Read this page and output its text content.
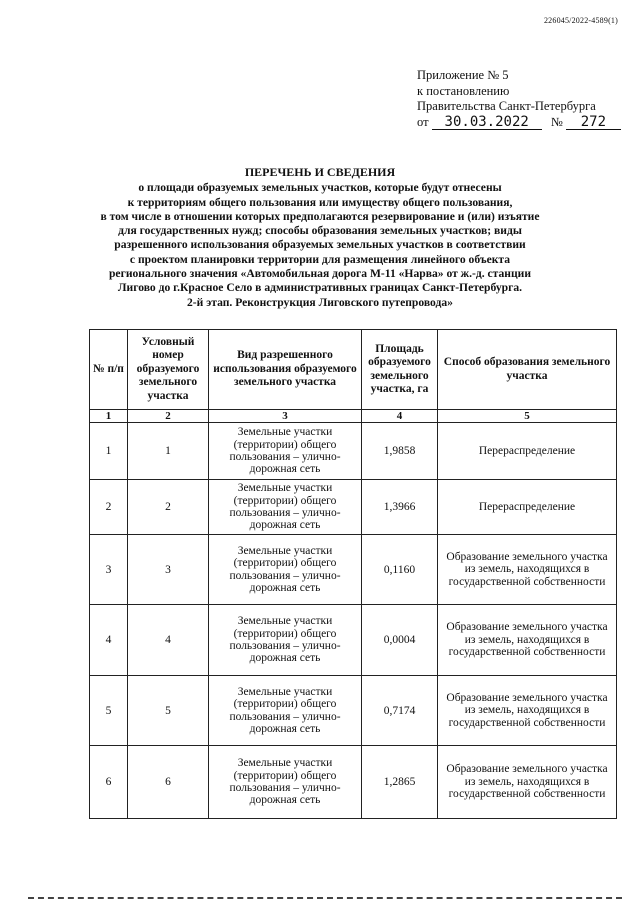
226045/2022-4589(1)
Приложение № 5
к постановлению
Правительства Санкт-Петербурга
от 30.03.2022 № 272
ПЕРЕЧЕНЬ И СВЕДЕНИЯ
о площади образуемых земельных участков, которые будут отнесены
к территориям общего пользования или имуществу общего пользования,
в том числе в отношении которых предполагаются резервирование и (или) изъятие
для государственных нужд; способы образования земельных участков; виды
разрешенного использования образуемых земельных участков в соответствии
с проектом планировки территории для размещения линейного объекта
регионального значения «Автомобильная дорога М-11 «Нарва» от ж.-д. станции
Лигово до г.Красное Село в административных границах Санкт-Петербурга.
2-й этап. Реконструкция Лиговского путепровода»
№ п/п	Условный номер образуемого земельного участка	Вид разрешенного использования образуемого земельного участка	Площадь образуемого земельного участка, га	Способ образования земельного участка
1	2	3	4	5
1	1	Земельные участки (территории) общего пользования – улично-дорожная сеть	1,9858	Перераспределение
2	2	Земельные участки (территории) общего пользования – улично-дорожная сеть	1,3966	Перераспределение
3	3	Земельные участки (территории) общего пользования – улично-дорожная сеть	0,1160	Образование земельного участка из земель, находящихся в государственной собственности
4	4	Земельные участки (территории) общего пользования – улично-дорожная сеть	0,0004	Образование земельного участка из земель, находящихся в государственной собственности
5	5	Земельные участки (территории) общего пользования – улично-дорожная сеть	0,7174	Образование земельного участка из земель, находящихся в государственной собственности
6	6	Земельные участки (территории) общего пользования – улично-дорожная сеть	1,2865	Образование земельного участка из земель, находящихся в государственной собственности
